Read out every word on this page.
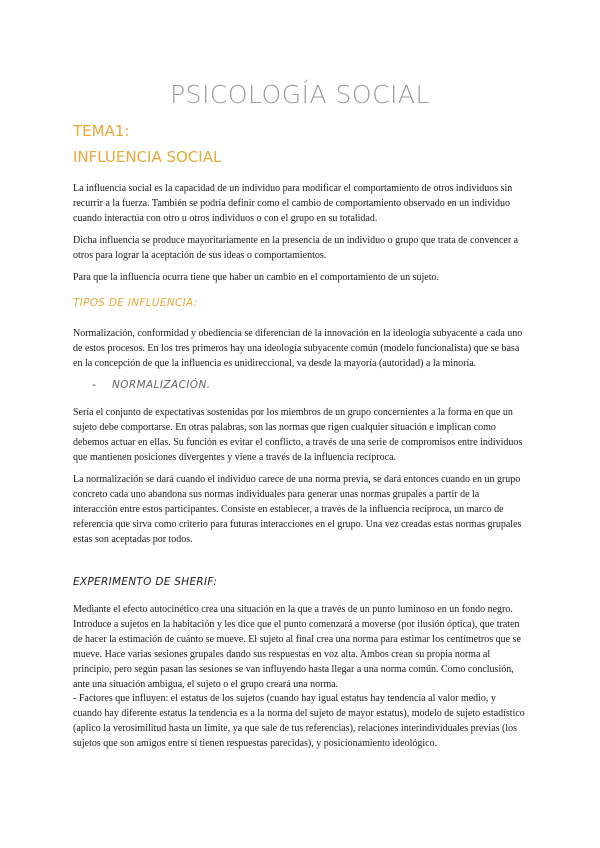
PSICOLOGÍA SOCIAL
TEMA1:
INFLUENCIA SOCIAL

La influencia social es la capacidad de un individuo para modificar el comportamiento de otros individuos sin recurrir a la fuerza. También se podría definir como el cambio de comportamiento observado en un individuo cuando interactúa con otro u otros individuos o con el grupo en su totalidad.

Dicha influencia se produce mayoritariamente en la presencia de un individuo o grupo que trata de convencer a otros para lograr la aceptación de sus ideas o comportamientos.

Para que la influencia ocurra tiene que haber un cambio en el comportamiento de un sujeto.

TIPOS DE INFLUENCIA:

Normalización, conformidad y obediencia se diferencian de la innovación en la ideología subyacente a cada uno de estos procesos. En los tres primeros hay una ideología subyacente común (modelo funcionalista) que se basa en la concepción de que la influencia es unidireccional, va desde la mayoría (autoridad) a la minoría.

- NORMALIZACIÓN.

Sería el conjunto de expectativas sostenidas por los miembros de un grupo concernientes a la forma en que un sujeto debe comportarse. En otras palabras, son las normas que rigen cualquier situación e implican como debemos actuar en ellas. Su función es evitar el conflicto, a través de una serie de compromisos entre individuos que mantienen posiciones divergentes y viene a través de la influencia recíproca.

La normalización se dará cuando el individuo carece de una norma previa, se dará entonces cuando en un grupo concreto cada uno abandona sus normas individuales para generar unas normas grupales a partir de la interacción entre estos participantes. Consiste en establecer, a través de la influencia recíproca, un marco de referencia que sirva como criterio para futuras interacciones en el grupo. Una vez creadas estas normas grupales estas son aceptadas por todos.

EXPERIMENTO DE SHERIF:

Mediante el efecto autocinético crea una situación en la que a través de un punto luminoso en un fondo negro. Introduce a sujetos en la habitación y les dice que el punto comenzará a moverse (por ilusión óptica), que traten de hacer la estimación de cuánto se mueve. El sujeto al final crea una norma para estimar los centímetros que se mueve. Hace varias sesiones grupales dando sus respuestas en voz alta. Ambos crean su propia norma al principio, pero según pasan las sesiones se van influyendo hasta llegar a una norma común. Como conclusión, ante una situación ambigua, el sujeto o el grupo creará una norma.

- Factores que influyen: el estatus de los sujetos (cuando hay igual estatus hay tendencia al valor medio, y cuando hay diferente estatus la tendencia es a la norma del sujeto de mayor estatus), modelo de sujeto estadístico (aplico la verosimilitud hasta un límite, ya que sale de tus referencias), relaciones interindividuales previas (los sujetos que son amigos entre sí tienen respuestas parecidas), y posicionamiento ideológico.
